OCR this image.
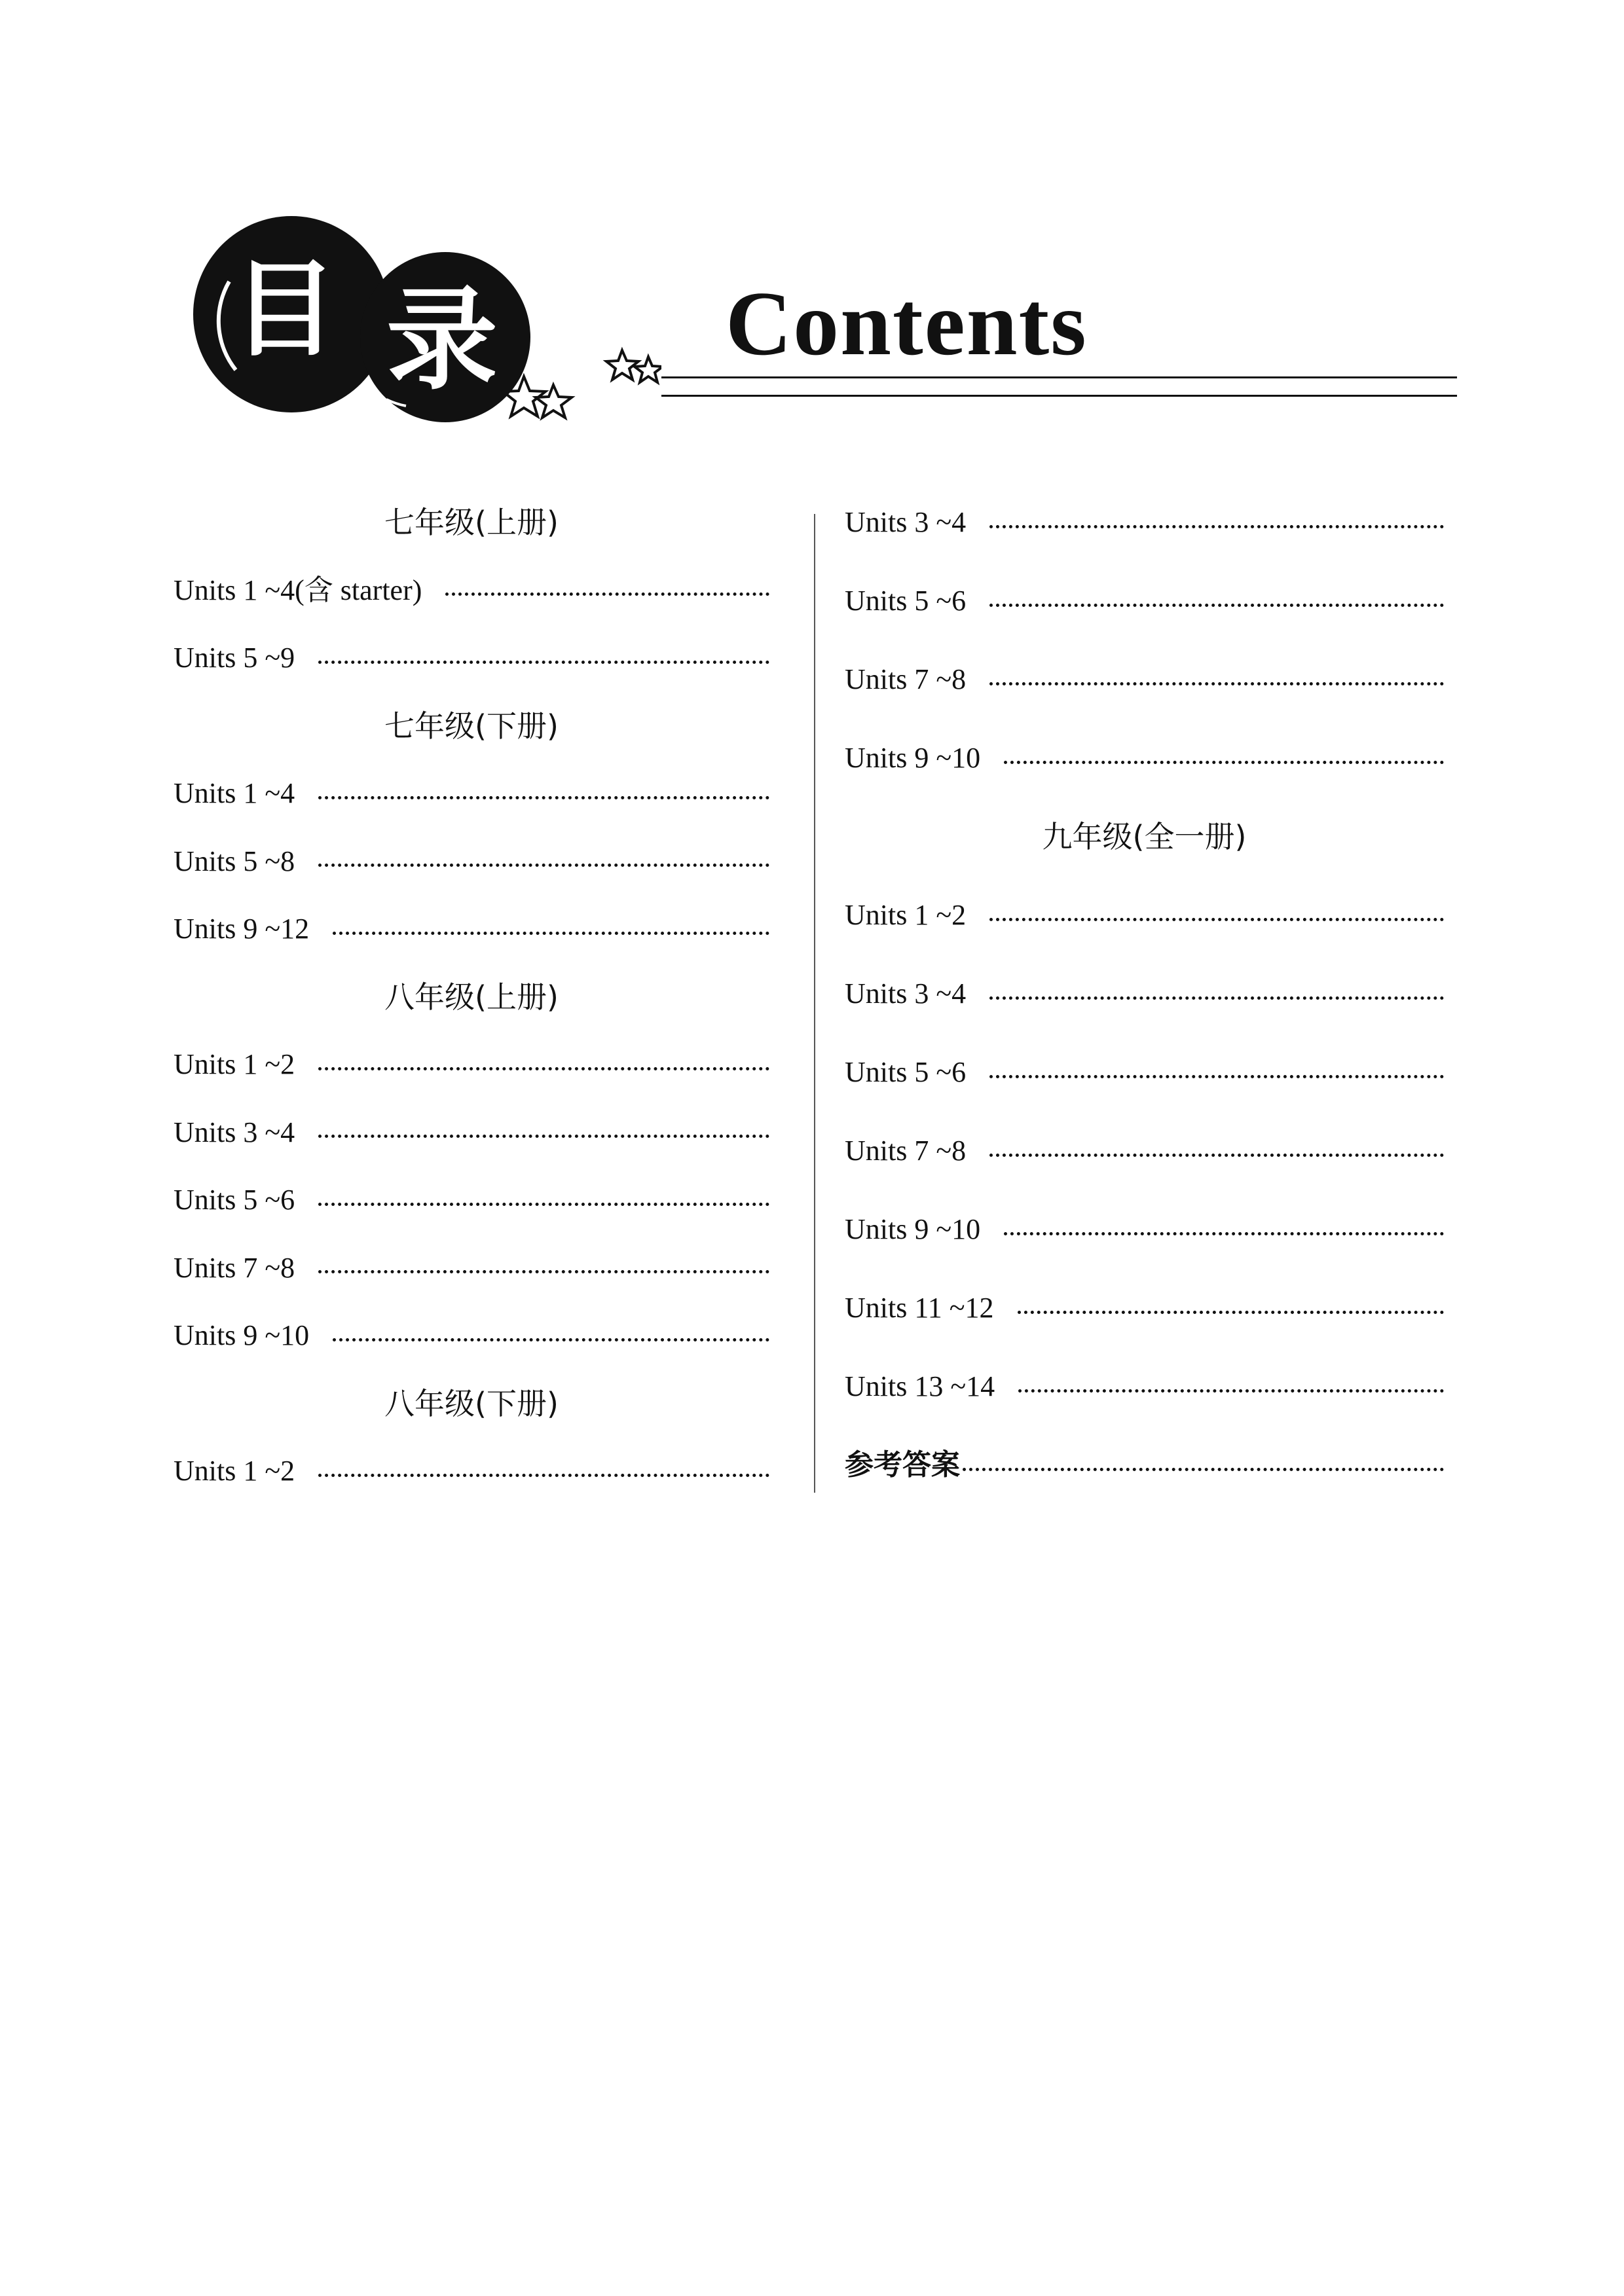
目 录 Contents
七年级(上册)
Units 1 ~4(含 starter)
Units 5 ~9
七年级(下册)
Units 1 ~4
Units 5 ~8
Units 9 ~12
八年级(上册)
Units 1 ~2
Units 3 ~4
Units 5 ~6
Units 7 ~8
Units 9 ~10
八年级(下册)
Units 1 ~2
Units 3 ~4
Units 5 ~6
Units 7 ~8
Units 9 ~10
九年级(全一册)
Units 1 ~2
Units 3 ~4
Units 5 ~6
Units 7 ~8
Units 9 ~10
Units 11 ~12
Units 13 ~14
参考答案
